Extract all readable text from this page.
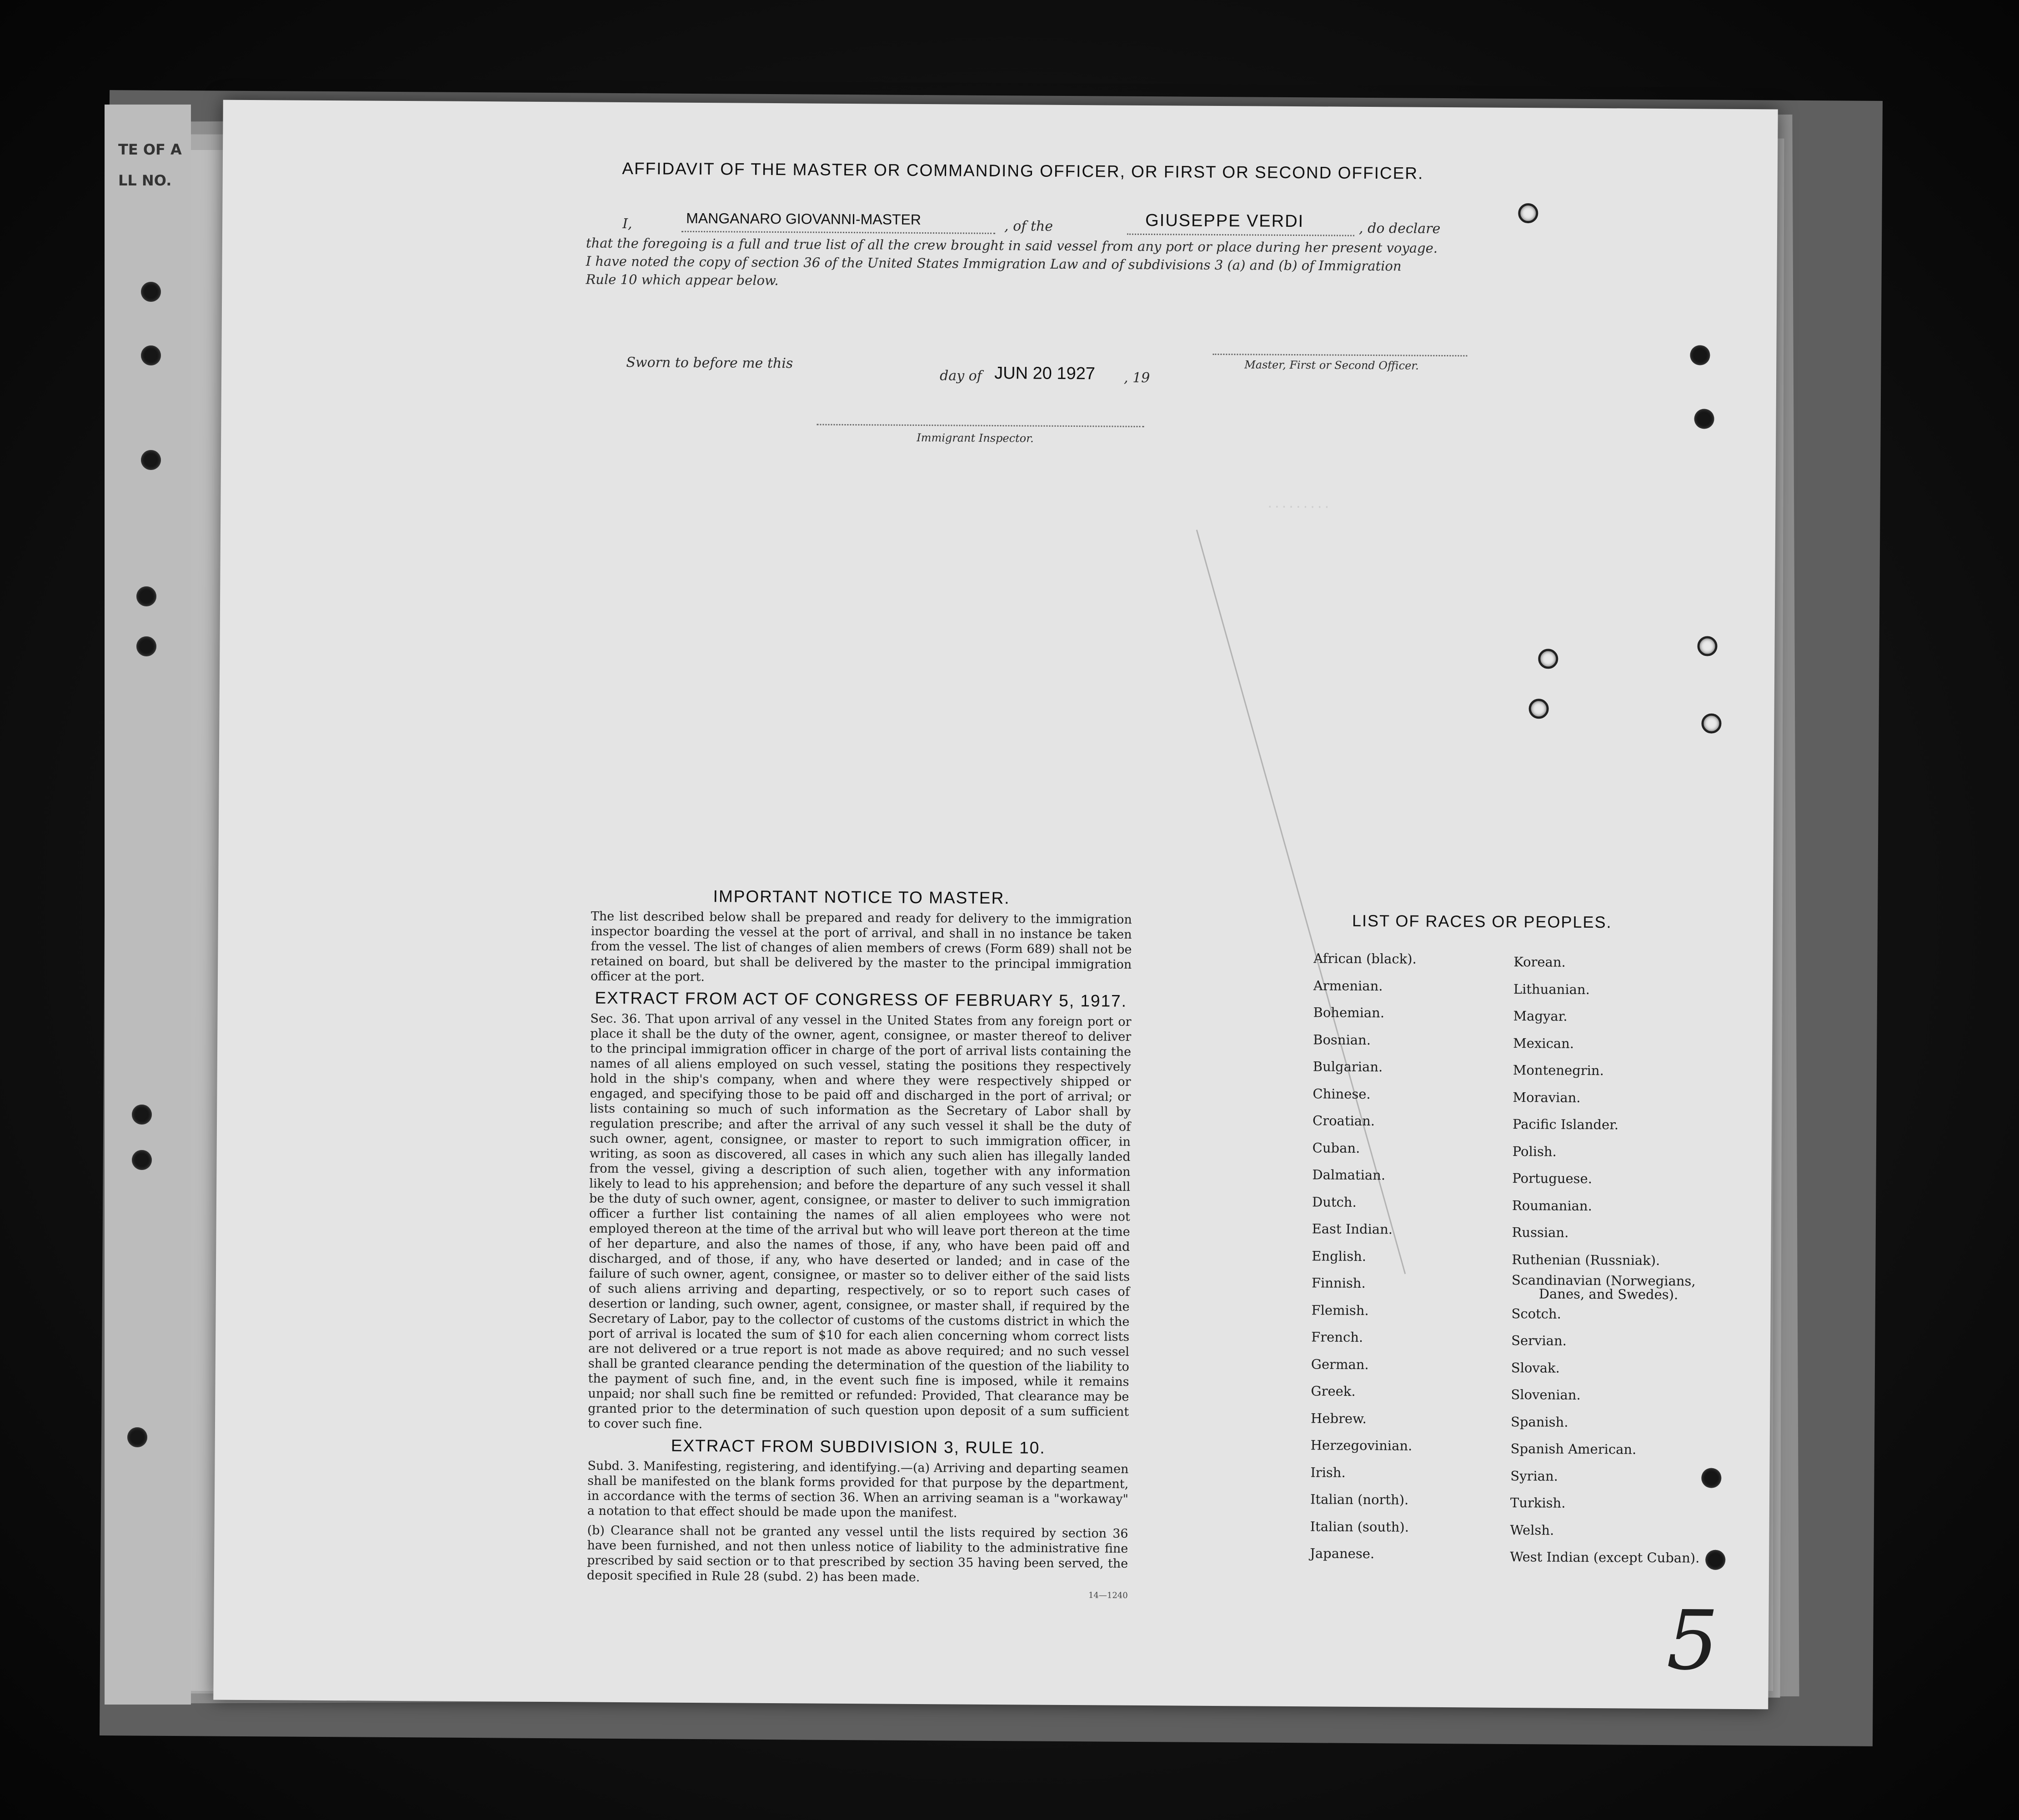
TE OF A
LL NO.
.........
AFFIDAVIT OF THE MASTER OR COMMANDING OFFICER, OR FIRST OR SECOND OFFICER.
I,	MANGANARO GIOVANNI-MASTER	, of the	GIUSEPPE VERDI	, do declare
that the foregoing is a full and true list of all the crew brought in said vessel from any port or place during her present voyage.
I have noted the copy of section 36 of the United States Immigration Law and of subdivisions 3 (a) and (b) of Immigration
Rule 10 which appear below.
Master, First or Second Officer.
Sworn to before me this
day of JUN 20 1927 , 19
Immigrant Inspector.
IMPORTANT NOTICE TO MASTER.

The list described below shall be prepared and ready for delivery to the immigration inspector boarding the vessel at the port of arrival, and shall in no instance be taken from the vessel. The list of changes of alien members of crews (Form 689) shall not be retained on board, but shall be delivered by the master to the principal immigration officer at the port.

EXTRACT FROM ACT OF CONGRESS OF FEBRUARY 5, 1917.

Sec. 36. That upon arrival of any vessel in the United States from any foreign port or place it shall be the duty of the owner, agent, consignee, or master thereof to deliver to the principal immigration officer in charge of the port of arrival lists containing the names of all aliens employed on such vessel, stating the positions they respectively hold in the ship's company, when and where they were respectively shipped or engaged, and specifying those to be paid off and discharged in the port of arrival; or lists containing so much of such information as the Secretary of Labor shall by regulation prescribe; and after the arrival of any such vessel it shall be the duty of such owner, agent, consignee, or master to report to such immigration officer, in writing, as soon as discovered, all cases in which any such alien has illegally landed from the vessel, giving a description of such alien, together with any information likely to lead to his apprehension; and before the departure of any such vessel it shall be the duty of such owner, agent, consignee, or master to deliver to such immigration officer a further list containing the names of all alien employees who were not employed thereon at the time of the arrival but who will leave port thereon at the time of her departure, and also the names of those, if any, who have been paid off and discharged, and of those, if any, who have deserted or landed; and in case of the failure of such owner, agent, consignee, or master so to deliver either of the said lists of such aliens arriving and departing, respectively, or so to report such cases of desertion or landing, such owner, agent, consignee, or master shall, if required by the Secretary of Labor, pay to the collector of customs of the customs district in which the port of arrival is located the sum of $10 for each alien concerning whom correct lists are not delivered or a true report is not made as above required; and no such vessel shall be granted clearance pending the determination of the question of the liability to the payment of such fine, and, in the event such fine is imposed, while it remains unpaid; nor shall such fine be remitted or refunded: Provided, That clearance may be granted prior to the determination of such question upon deposit of a sum sufficient to cover such fine.

EXTRACT FROM SUBDIVISION 3, RULE 10.

Subd. 3. Manifesting, registering, and identifying.—(a) Arriving and departing seamen shall be manifested on the blank forms provided for that purpose by the department, in accordance with the terms of section 36. When an arriving seaman is a "workaway" a notation to that effect should be made upon the manifest.

(b) Clearance shall not be granted any vessel until the lists required by section 36 have been furnished, and not then unless notice of liability to the administrative fine prescribed by said section or to that prescribed by section 35 having been served, the deposit specified in Rule 28 (subd. 2) has been made.

14—1240
LIST OF RACES OR PEOPLES.
African (black).
Armenian.
Bohemian.
Bosnian.
Bulgarian.
Chinese.
Croatian.
Cuban.
Dalmatian.
Dutch.
East Indian.
English.
Finnish.
Flemish.
French.
German.
Greek.
Hebrew.
Herzegovinian.
Irish.
Italian (north).
Italian (south).
Japanese.
Korean.
Lithuanian.
Magyar.
Mexican.
Montenegrin.
Moravian.
Pacific Islander.
Polish.
Portuguese.
Roumanian.
Russian.
Ruthenian (Russniak).
Scandinavian (Norwegians,
Danes, and Swedes).
Scotch.
Servian.
Slovak.
Slovenian.
Spanish.
Spanish American.
Syrian.
Turkish.
Welsh.
West Indian (except Cuban).
5
